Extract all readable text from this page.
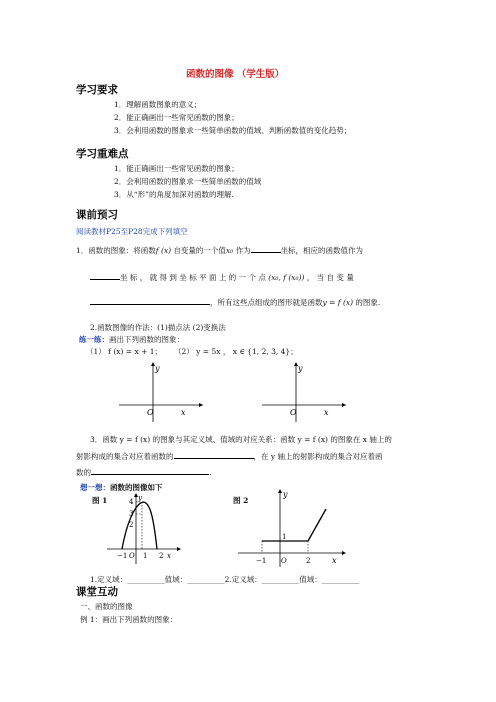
函数的图像 （学生版）
学习要求
1．理解函数图象的意义；
2．能正确画出一些常见函数的图象；
3．会利用函数的图象求一些简单函数的值域、判断函数值的变化趋势；
学习重难点
1．能正确画出一些常见函数的图象；
2．会利用函数的图象求一些简单函数的值域
3．从“形”的角度加深对函数的理解.
课前预习
阅读教材P25至P28完成下列填空
1．函数的图象：将函数f (x) 自变量的一个值x₀ 作为	坐标，相应的函数值作为
坐 标 ， 就 得 到 坐 标 平 面 上 的 一 个 点 (x₀, f (x₀)) ， 当 自 变 量
，所有这些点组成的图形就是函数y = f (x) 的图象.
2.函数图像的作法：(1)描点法 (2)变换法
练一练：画出下列函数的图象：
（1） f (x) = x + 1； （2） y = 5x ， x ∈ {1, 2, 3, 4}；
y
O	x
y
O	x
3．函数 y = f (x) 的图象与其定义域、值域的对应关系：函数 y = f (x) 的图象在 x 轴上的
射影构成的集合对应着函数的	，在 y 轴上的射影构成的集合对应着函
数的	.
想一想：函数的图像如下
图 1	图 2
y
4
3
2
−1 O 1 2 x
y
1
−1 O	2	x
1.定义域：__________值域：__________2.定义域：__________值域：__________
课堂互动
一、函数的图像
例 1：画出下列函数的图象：
